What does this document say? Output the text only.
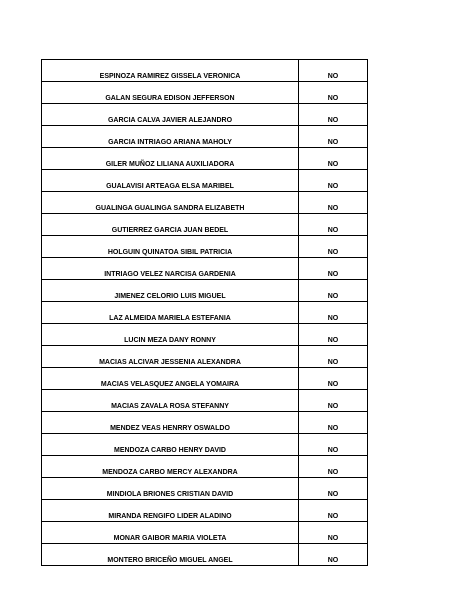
ESPINOZA RAMIREZ GISSELA VERONICA	NO
GALAN SEGURA EDISON JEFFERSON	NO
GARCIA CALVA JAVIER ALEJANDRO	NO
GARCIA INTRIAGO ARIANA MAHOLY	NO
GILER MUÑOZ LILIANA AUXILIADORA	NO
GUALAVISI ARTEAGA ELSA MARIBEL	NO
GUALINGA GUALINGA SANDRA ELIZABETH	NO
GUTIERREZ GARCIA JUAN BEDEL	NO
HOLGUIN QUINATOA SIBIL PATRICIA	NO
INTRIAGO VELEZ NARCISA GARDENIA	NO
JIMENEZ CELORIO LUIS MIGUEL	NO
LAZ ALMEIDA MARIELA ESTEFANIA	NO
LUCIN MEZA DANY RONNY	NO
MACIAS ALCIVAR JESSENIA ALEXANDRA	NO
MACIAS VELASQUEZ ANGELA YOMAIRA	NO
MACIAS ZAVALA ROSA STEFANNY	NO
MENDEZ VEAS HENRRY OSWALDO	NO
MENDOZA CARBO HENRY DAVID	NO
MENDOZA CARBO MERCY ALEXANDRA	NO
MINDIOLA BRIONES CRISTIAN DAVID	NO
MIRANDA RENGIFO LIDER ALADINO	NO
MONAR GAIBOR MARIA VIOLETA	NO
MONTERO BRICEÑO MIGUEL ANGEL	NO
